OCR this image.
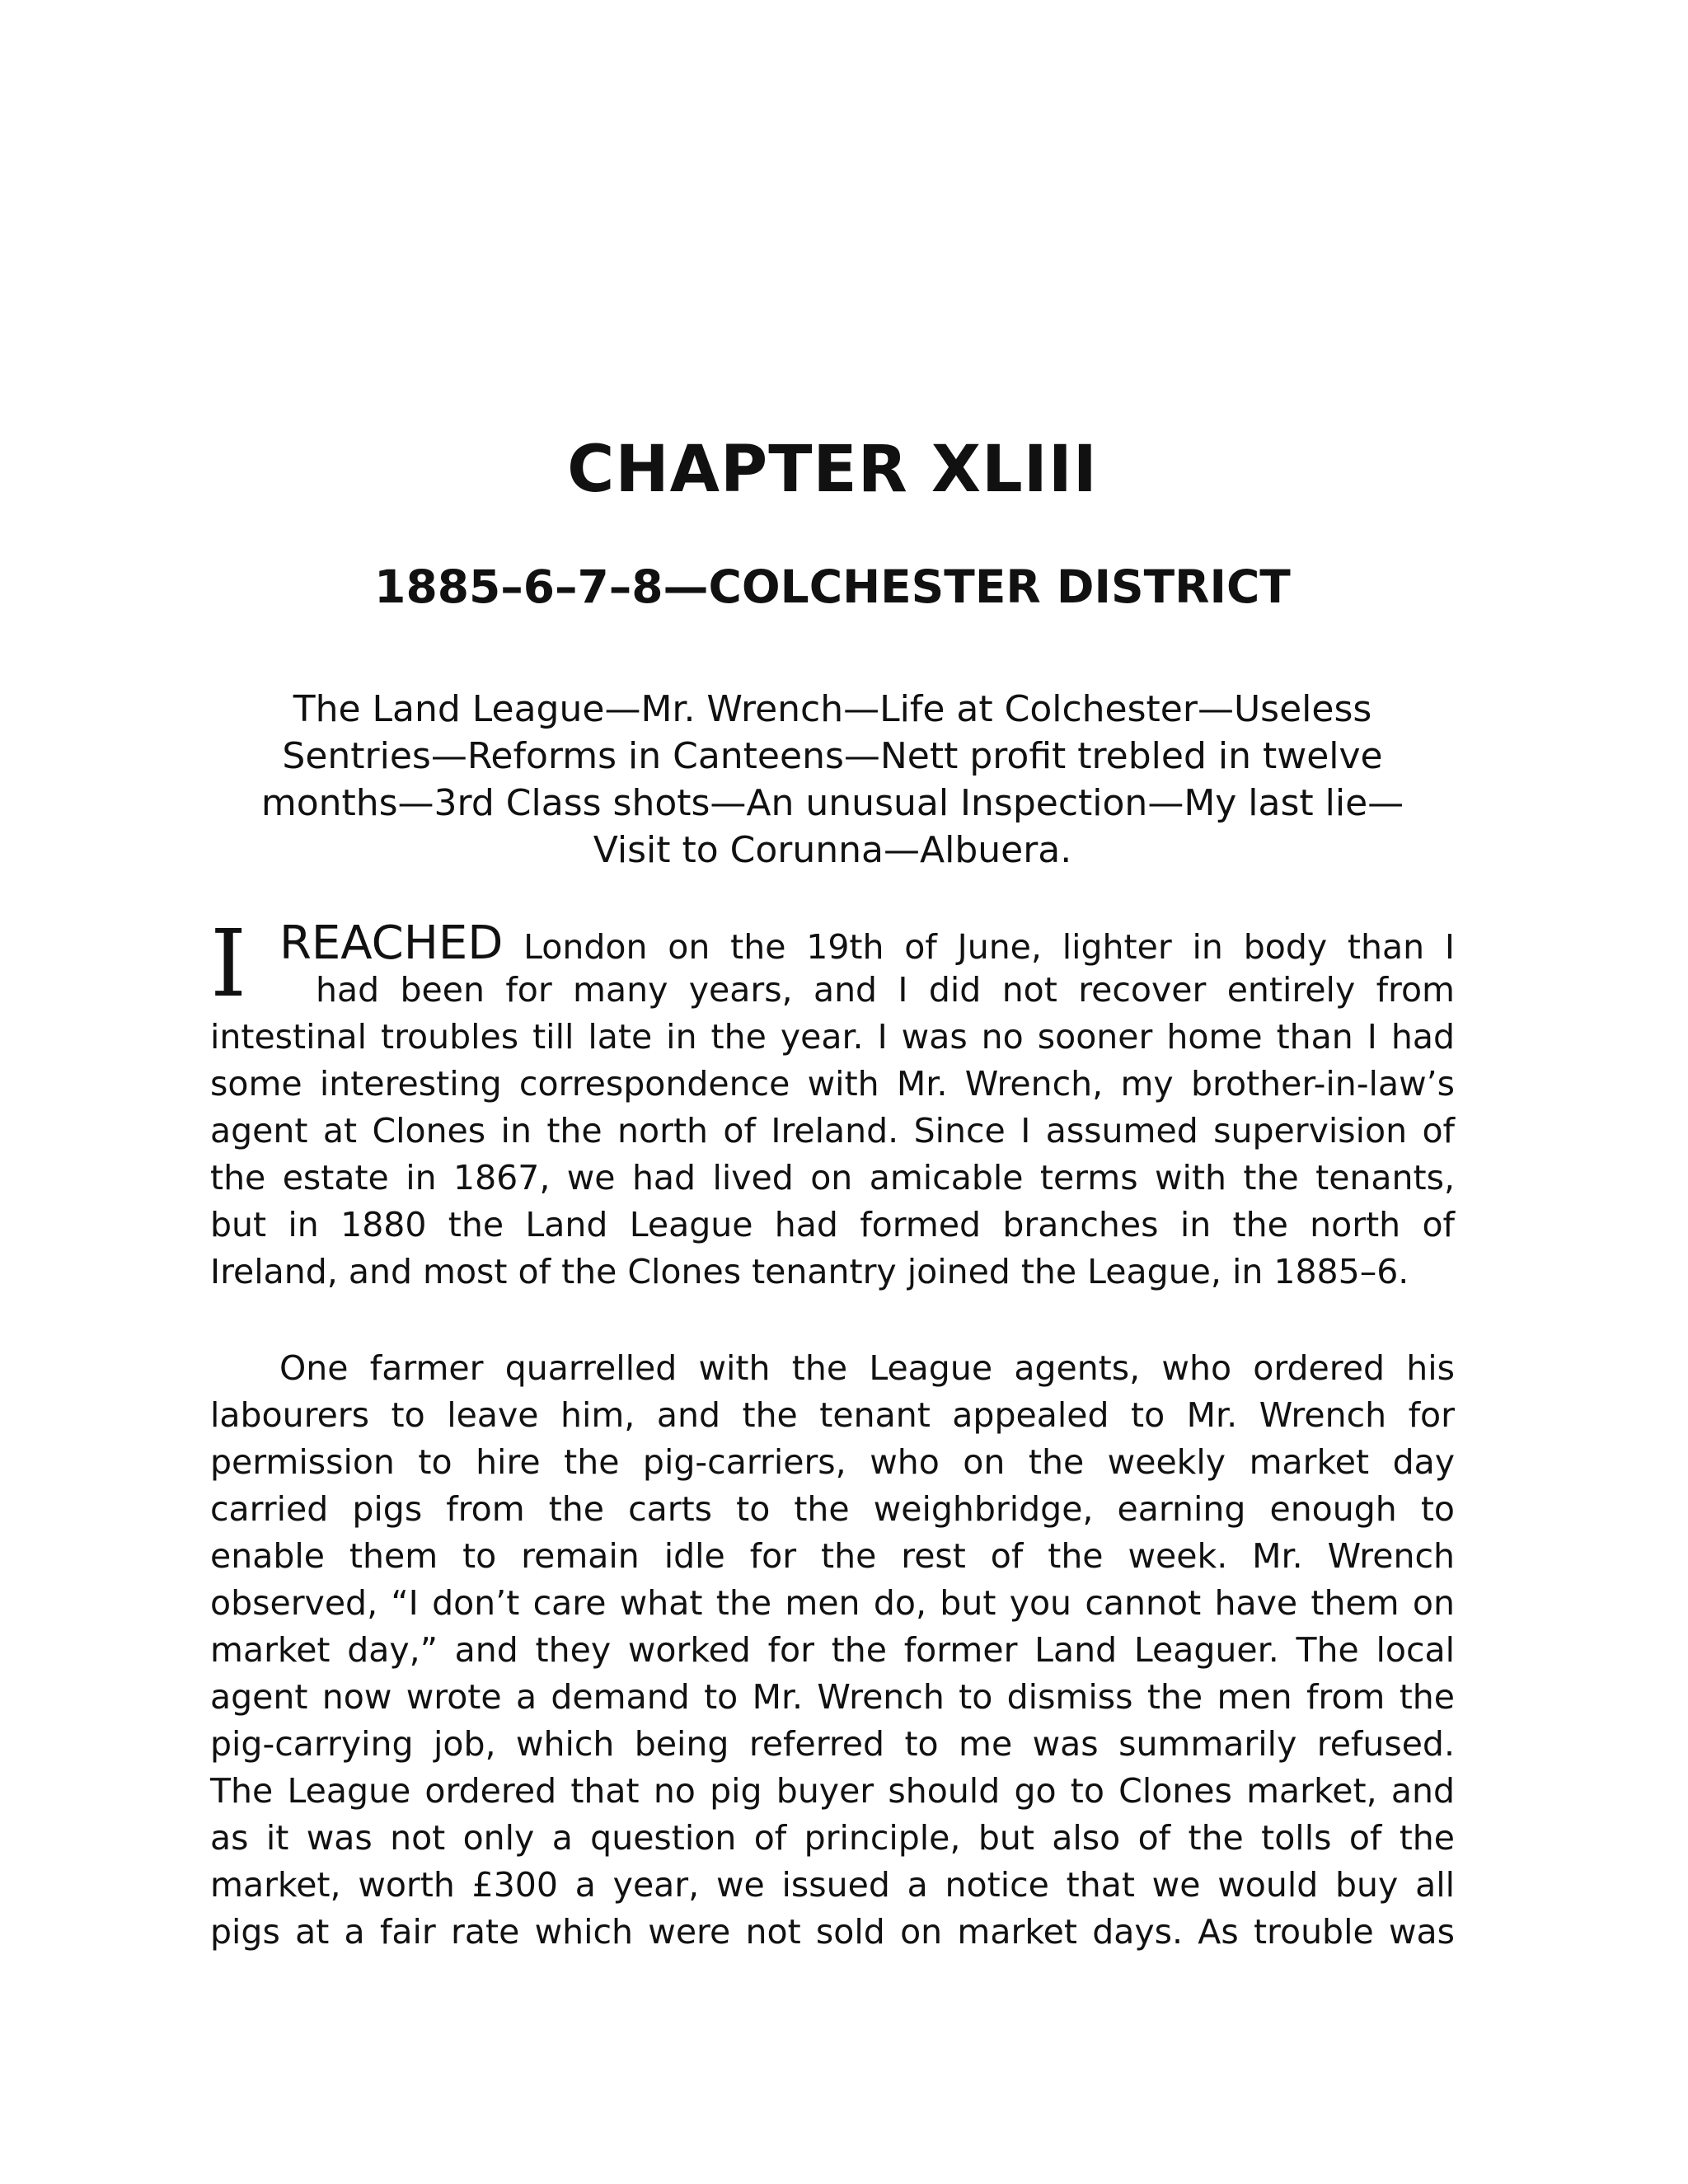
CHAPTER XLIII
1885–6–7–8—COLCHESTER DISTRICT
The Land League—Mr. Wrench—Life at Colchester—Useless
Sentries—Reforms in Canteens—Nett profit trebled in twelve
months—3rd Class shots—An unusual Inspection—My last lie—
Visit to Corunna—Albuera.
I REACHED London on the 19th of June, lighter in body than I
had been for many years, and I did not recover entirely from
intestinal troubles till late in the year. I was no sooner home than I had
some interesting correspondence with Mr. Wrench, my brother-in-law’s
agent at Clones in the north of Ireland. Since I assumed supervision of
the estate in 1867, we had lived on amicable terms with the tenants,
but in 1880 the Land League had formed branches in the north of
Ireland, and most of the Clones tenantry joined the League, in 1885–6.
One farmer quarrelled with the League agents, who ordered his
labourers to leave him, and the tenant appealed to Mr. Wrench for
permission to hire the pig-carriers, who on the weekly market day
carried pigs from the carts to the weighbridge, earning enough to
enable them to remain idle for the rest of the week. Mr. Wrench
observed, “I don’t care what the men do, but you cannot have them on
market day,” and they worked for the former Land Leaguer. The local
agent now wrote a demand to Mr. Wrench to dismiss the men from the
pig-carrying job, which being referred to me was summarily refused.
The League ordered that no pig buyer should go to Clones market, and
as it was not only a question of principle, but also of the tolls of the
market, worth £300 a year, we issued a notice that we would buy all
pigs at a fair rate which were not sold on market days. As trouble was
